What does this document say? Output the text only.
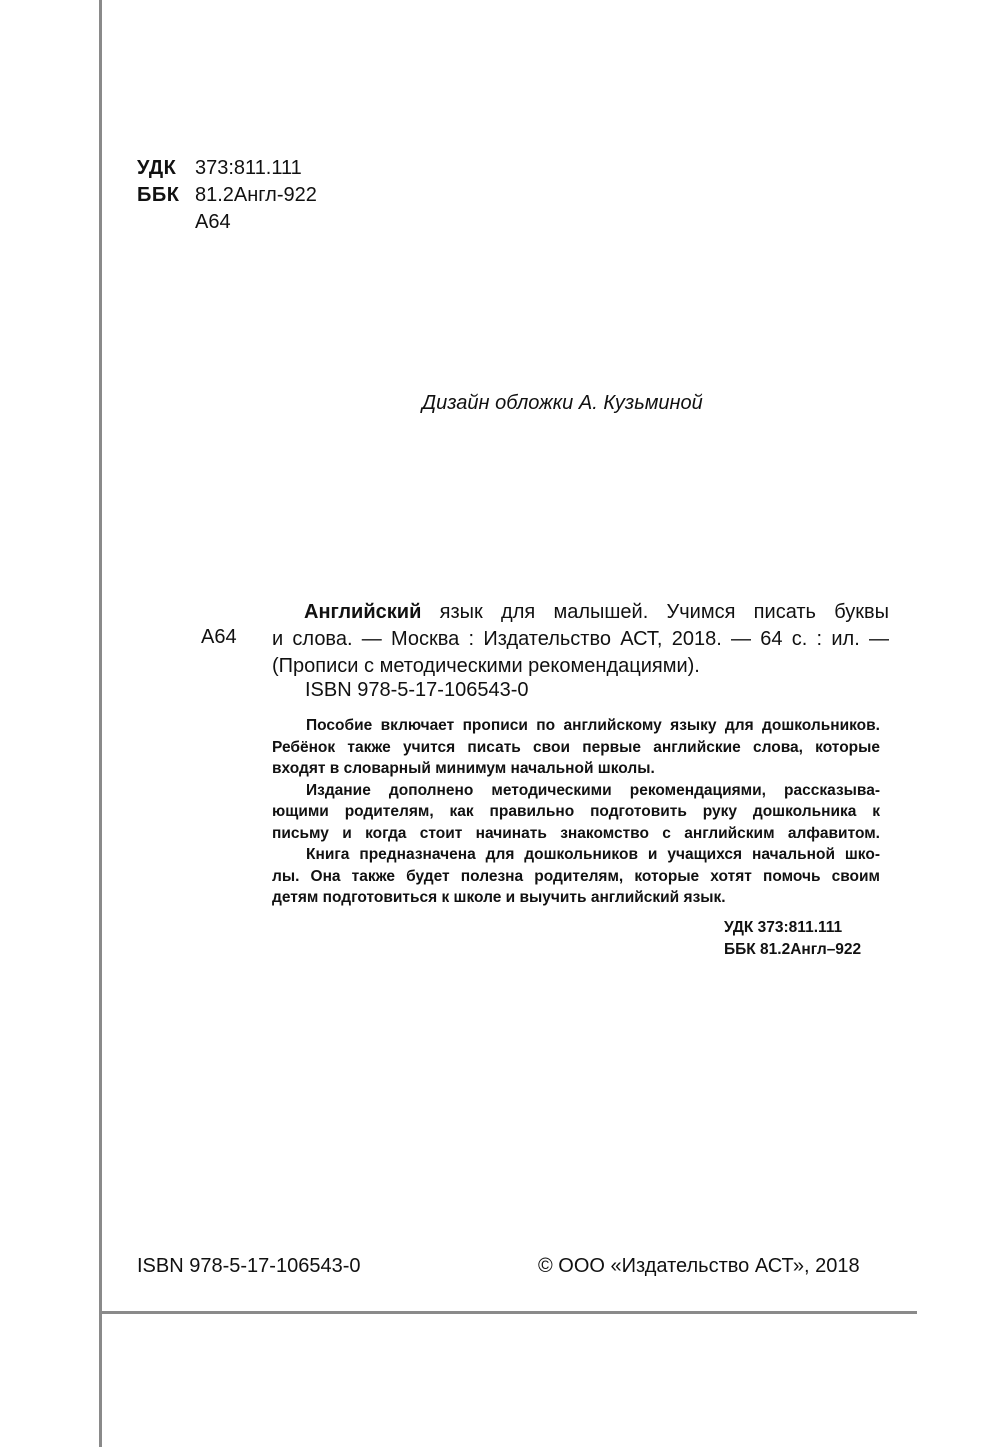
УДК 373:811.111
ББК 81.2Англ-922
А64
Дизайн обложки А. Кузьминой
А64
Английский язык для малышей. Учимся писать буквы
и слова. — Москва : Издательство АСТ, 2018. — 64 с. : ил. —
(Прописи с методическими рекомендациями).
ISBN 978-5-17-106543-0
Пособие включает прописи по английскому языку для дошкольников.
Ребёнок также учится писать свои первые английские слова, которые
входят в словарный минимум начальной школы.
Издание дополнено методическими рекомендациями, рассказыва-
ющими родителям, как правильно подготовить руку дошкольника к
письму и когда стоит начинать знакомство с английским алфавитом.
Книга предназначена для дошкольников и учащихся начальной шко-
лы. Она также будет полезна родителям, которые хотят помочь своим
детям подготовиться к школе и выучить английский язык.
УДК 373:811.111
ББК 81.2Англ–922
ISBN 978-5-17-106543-0	© ООО «Издательство АСТ», 2018
